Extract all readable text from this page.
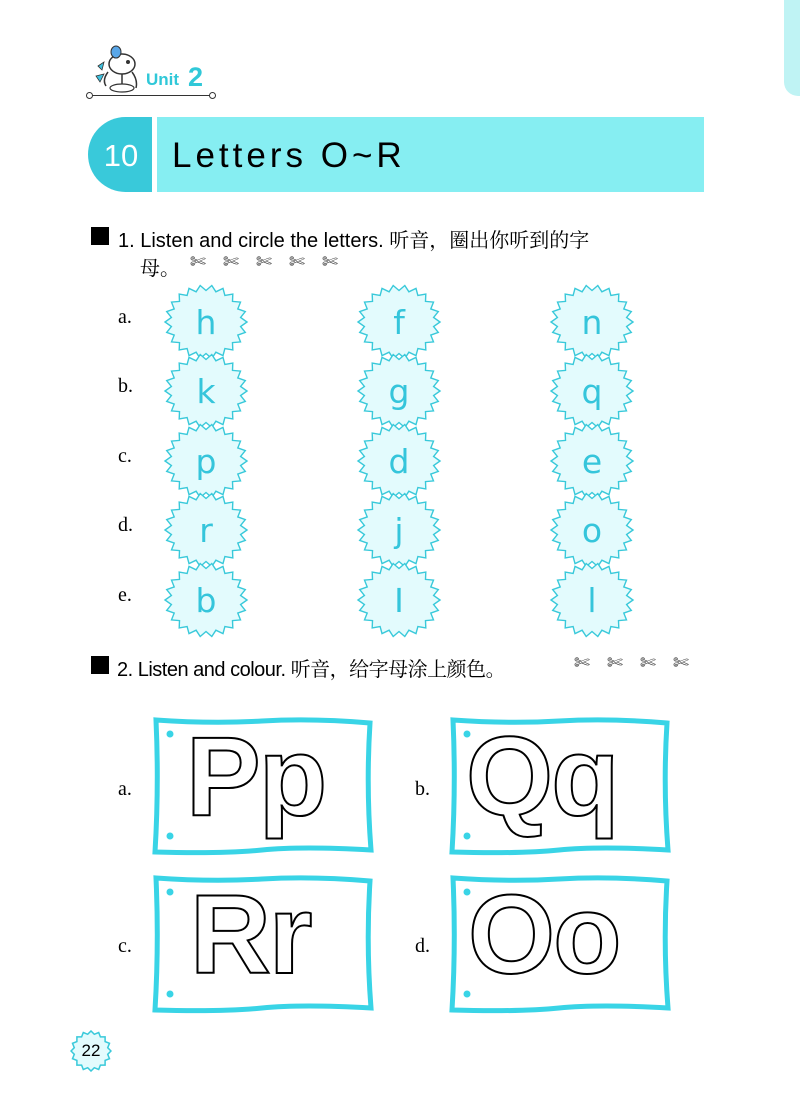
Unit 2
10 Letters O~R
1. Listen and circle the letters. 听音，圈出你听到的字
母。 ✄ ✄ ✄ ✄ ✄
a.	h	f	n
b.	k	g	q
c.	p	d	e
d.	r	j	o
e.	b	I	l
2. Listen and colour. 听音，给字母涂上颜色。	✄ ✄ ✄ ✄
a. Pp	b. Qq
c. Rr	d. Oo
22
